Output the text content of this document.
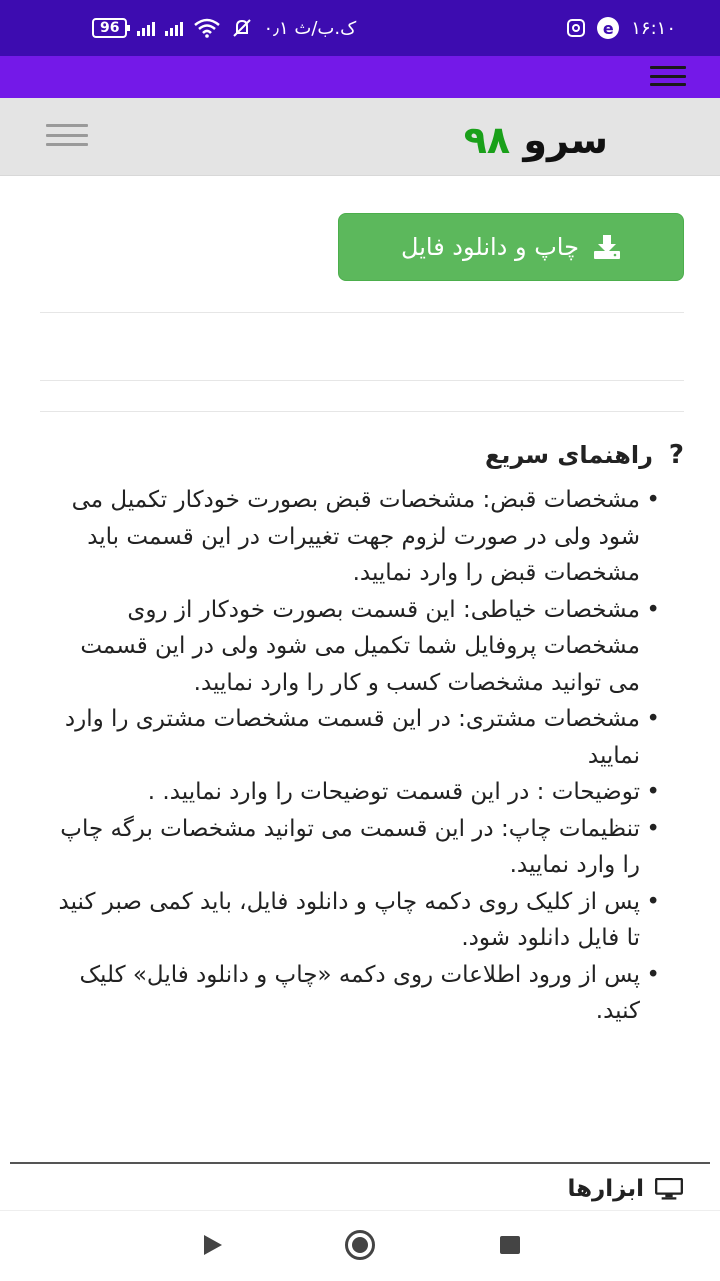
96	۰٫۱ ک.ب/ث	e ۱۶:۱۰
سرو ۹۸
چاپ و دانلود فایل
?
راهنمای سریع
• مشخصات قبض: مشخصات قبض بصورت خودکار تکمیل می شود ولی در صورت لزوم جهت تغییرات در این قسمت باید مشخصات قبض را وارد نمایید.
• مشخصات خیاطی: این قسمت بصورت خودکار از روی مشخصات پروفایل شما تکمیل می شود ولی در این قسمت می توانید مشخصات کسب و کار را وارد نمایید.
• مشخصات مشتری: در این قسمت مشخصات مشتری را وارد نمایید
• توضیحات : در این قسمت توضیحات را وارد نمایید. .
• تنظیمات چاپ: در این قسمت می توانید مشخصات برگه چاپ را وارد نمایید.
• پس از کلیک روی دکمه چاپ و دانلود فایل، باید کمی صبر کنید تا فایل دانلود شود.
• پس از ورود اطلاعات روی دکمه «چاپ و دانلود فایل» کلیک کنید.
ابزارها
